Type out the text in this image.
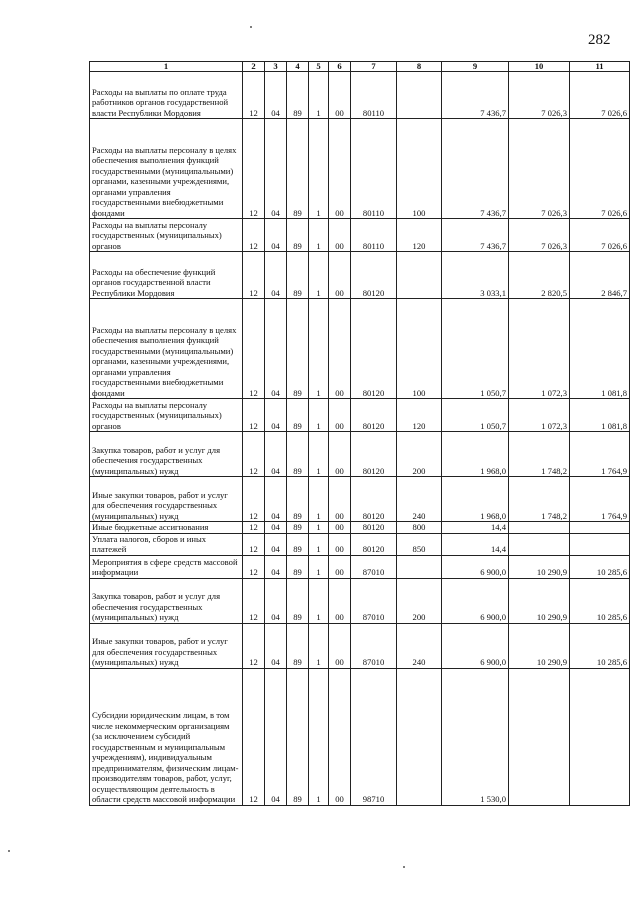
282
1	2	3	4	5	6	7	8	9	10	11
Расходы на выплаты по оплате труда работников органов государственной власти Республики Мордовия	12	04	89	1	00	80110		7 436,7	7 026,3	7 026,6
Расходы на выплаты персоналу в целях обеспечения выполнения функций государственными (муниципальными) органами, казенными учреждениями, органами управления государственными внебюджетными фондами	12	04	89	1	00	80110	100	7 436,7	7 026,3	7 026,6
Расходы на выплаты персоналу государственных (муниципальных) органов	12	04	89	1	00	80110	120	7 436,7	7 026,3	7 026,6
Расходы на обеспечение функций органов государственной власти Республики Мордовия	12	04	89	1	00	80120		3 033,1	2 820,5	2 846,7
Расходы на выплаты персоналу в целях обеспечения выполнения функций государственными (муниципальными) органами, казенными учреждениями, органами управления государственными внебюджетными фондами	12	04	89	1	00	80120	100	1 050,7	1 072,3	1 081,8
Расходы на выплаты персоналу государственных (муниципальных) органов	12	04	89	1	00	80120	120	1 050,7	1 072,3	1 081,8
Закупка товаров, работ и услуг для обеспечения государственных (муниципальных) нужд	12	04	89	1	00	80120	200	1 968,0	1 748,2	1 764,9
Иные закупки товаров, работ и услуг для обеспечения государственных (муниципальных) нужд	12	04	89	1	00	80120	240	1 968,0	1 748,2	1 764,9
Иные бюджетные ассигнования	12	04	89	1	00	80120	800	14,4		
Уплата налогов, сборов и иных платежей	12	04	89	1	00	80120	850	14,4		
Мероприятия в сфере средств массовой информации	12	04	89	1	00	87010		6 900,0	10 290,9	10 285,6
Закупка товаров, работ и услуг для обеспечения государственных (муниципальных) нужд	12	04	89	1	00	87010	200	6 900,0	10 290,9	10 285,6
Иные закупки товаров, работ и услуг для обеспечения государственных (муниципальных) нужд	12	04	89	1	00	87010	240	6 900,0	10 290,9	10 285,6
Субсидии юридическим лицам, в том числе некоммерческим организациям (за исключением субсидий государственным и муниципальным учреждениям), индивидуальным предпринимателям, физическим лицам-производителям товаров, работ, услуг, осуществляющим деятельность в области средств массовой информации	12	04	89	1	00	98710		1 530,0		
